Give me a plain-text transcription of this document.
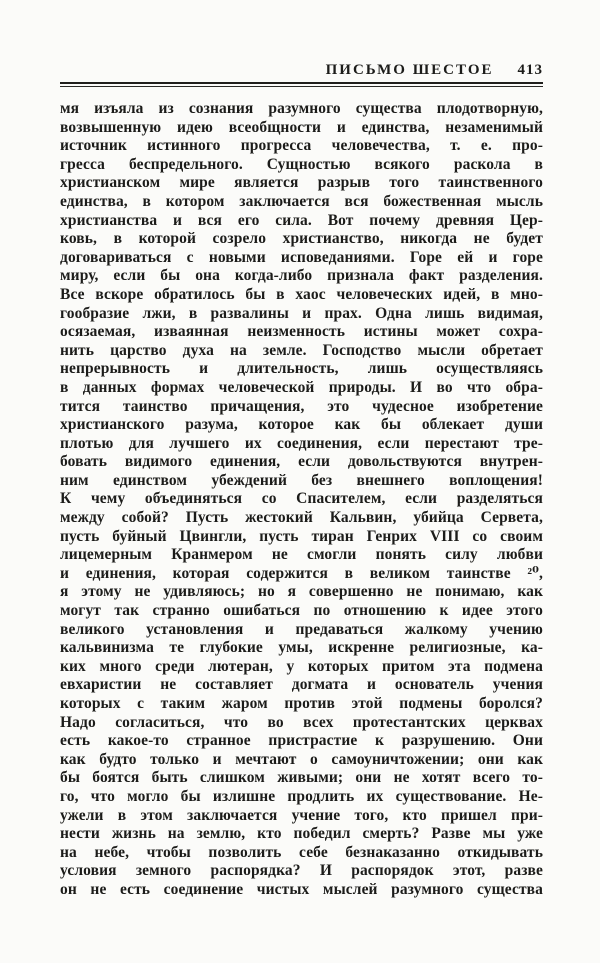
ПИСЬМО ШЕСТОЕ 413
мя изъяла из сознания разумного существа плодотворную,
возвышенную идею всеобщности и единства, незаменимый
источник истинного прогресса человечества, т. е. про-
гресса беспредельного. Сущностью всякого раскола в
христианском мире является разрыв того таинственного
единства, в котором заключается вся божественная мысль
христианства и вся его сила. Вот почему древняя Цер-
ковь, в которой созрело христианство, никогда не будет
договариваться с новыми исповеданиями. Горе ей и горе
миру, если бы она когда-либо признала факт разделения.
Все вскоре обратилось бы в хаос человеческих идей, в мно-
гообразие лжи, в развалины и прах. Одна лишь видимая,
осязаемая, изваянная неизменность истины может сохра-
нить царство духа на земле. Господство мысли обретает
непрерывность и длительность, лишь осуществляясь
в данных формах человеческой природы. И во что обра-
тится таинство причащения, это чудесное изобретение
христианского разума, которое как бы облекает души
плотью для лучшего их соединения, если перестают тре-
бовать видимого единения, если довольствуются внутрен-
ним единством убеждений без внешнего воплощения!
К чему объединяться со Спасителем, если разделяться
между собой? Пусть жестокий Кальвин, убийца Сервета,
пусть буйный Цвингли, пусть тиран Генрих VIII со своим
лицемерным Кранмером не смогли понять силу любви
и единения, которая содержится в великом таинстве ²⁰,
я этому не удивляюсь; но я совершенно не понимаю, как
могут так странно ошибаться по отношению к идее этого
великого установления и предаваться жалкому учению
кальвинизма те глубокие умы, искренне религиозные, ка-
ких много среди лютеран, у которых притом эта подмена
евхаристии не составляет догмата и основатель учения
которых с таким жаром против этой подмены боролся?
Надо согласиться, что во всех протестантских церквах
есть какое-то странное пристрастие к разрушению. Они
как будто только и мечтают о самоуничтожении; они как
бы боятся быть слишком живыми; они не хотят всего то-
го, что могло бы излишне продлить их существование. Не-
ужели в этом заключается учение того, кто пришел при-
нести жизнь на землю, кто победил смерть? Разве мы уже
на небе, чтобы позволить себе безнаказанно откидывать
условия земного распорядка? И распорядок этот, разве
он не есть соединение чистых мыслей разумного существа
